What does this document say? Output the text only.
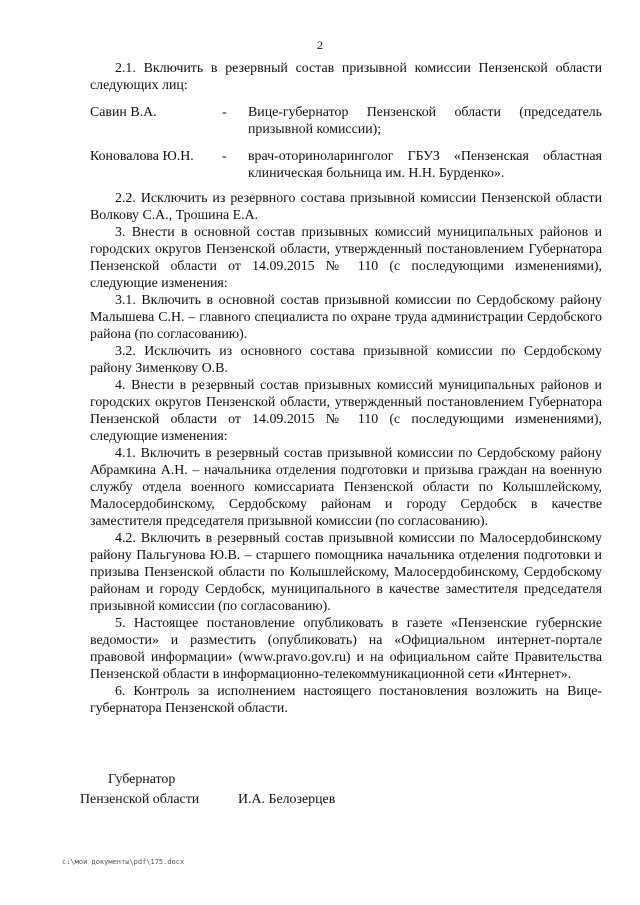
2

2.1. Включить в резервный состав призывной комиссии Пензенской области следующих лиц:

Савин В.А.	-	Вице-губернатор Пензенской области (председатель призывной комиссии);
Коновалова Ю.Н.	-	врач-оториноларинголог ГБУЗ «Пензенская областная клиническая больница им. Н.Н. Бурденко».

2.2. Исключить из резервного состава призывной комиссии Пензенской области Волкову С.А., Трошина Е.А.

3. Внести в основной состав призывных комиссий муниципальных районов и городских округов Пензенской области, утвержденный постановлением Губернатора Пензенской области от 14.09.2015 № 110 (с последующими изменениями), следующие изменения:

3.1. Включить в основной состав призывной комиссии по Сердобскому району Малышева С.Н. – главного специалиста по охране труда администрации Сердобского района (по согласованию).

3.2. Исключить из основного состава призывной комиссии по Сердобскому району Зименкову О.В.

4. Внести в резервный состав призывных комиссий муниципальных районов и городских округов Пензенской области, утвержденный постановлением Губернатора Пензенской области от 14.09.2015 № 110 (с последующими изменениями), следующие изменения:

4.1. Включить в резервный состав призывной комиссии по Сердобскому району Абрамкина А.Н. – начальника отделения подготовки и призыва граждан на военную службу отдела военного комиссариата Пензенской области по Колышлейскому, Малосердобинскому, Сердобскому районам и городу Сердобск в качестве заместителя председателя призывной комиссии (по согласованию).

4.2. Включить в резервный состав призывной комиссии по Малосердобинскому району Пальгунова Ю.В. – старшего помощника начальника отделения подготовки и призыва Пензенской области по Колышлейскому, Малосердобинскому, Сердобскому районам и городу Сердобск, муниципального в качестве заместителя председателя призывной комиссии (по согласованию).

5. Настоящее постановление опубликовать в газете «Пензенские губернские ведомости» и разместить (опубликовать) на «Официальном интернет-портале правовой информации» (www.pravo.gov.ru) и на официальном сайте Правительства Пензенской области в информационно-телекоммуникационной сети «Интернет».

6. Контроль за исполнением настоящего постановления возложить на Вице-губернатора Пензенской области.

Губернатор
Пензенской области	И.А. Белозерцев
c:\мои документы\pdf\175.docx
